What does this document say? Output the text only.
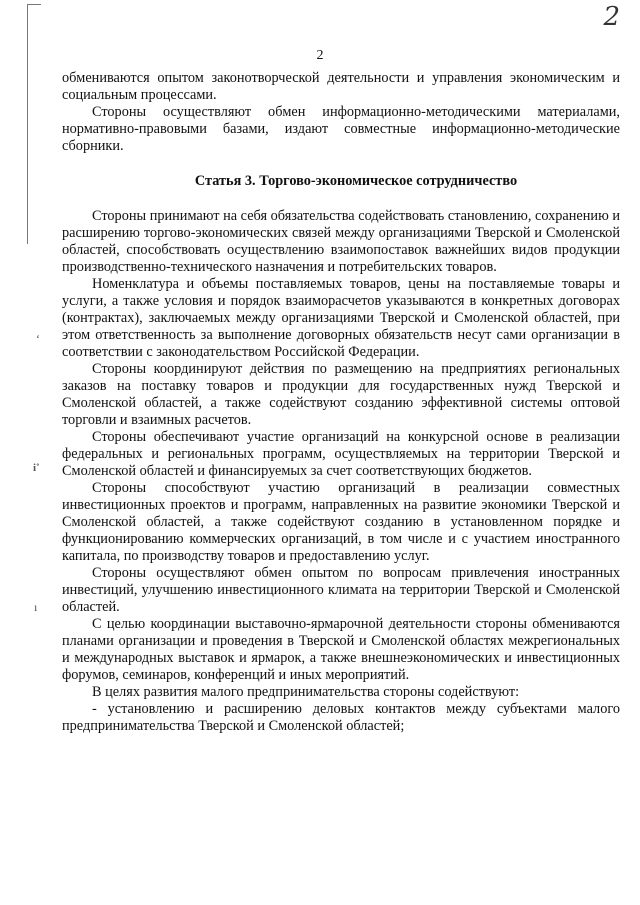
‘
і˚
ı
2
2

обмениваются опытом законотворческой деятельности и управления экономическим и социальным процессами.

Стороны осуществляют обмен информационно-методическими материалами, нормативно-правовыми базами, издают совместные информационно-методические сборники.

Статья 3. Торгово-экономическое сотрудничество

Стороны принимают на себя обязательства содействовать становлению, сохранению и расширению торгово-экономических связей между организациями Тверской и Смоленской областей, способствовать осуществлению взаимопоставок важнейших видов продукции производственно-технического назначения и потребительских товаров.

Номенклатура и объемы поставляемых товаров, цены на поставляемые товары и услуги, а также условия и порядок взаиморасчетов указываются в конкретных договорах (контрактах), заключаемых между организациями Тверской и Смоленской областей, при этом ответственность за выполнение договорных обязательств несут сами организации в соответствии с законодательством Российской Федерации.

Стороны координируют действия по размещению на предприятиях региональных заказов на поставку товаров и продукции для государственных нужд Тверской и Смоленской областей, а также содействуют созданию эффективной системы оптовой торговли и взаимных расчетов.

Стороны обеспечивают участие организаций на конкурсной основе в реализации федеральных и региональных программ, осуществляемых на территории Тверской и Смоленской областей и финансируемых за счет соответствующих бюджетов.

Стороны способствуют участию организаций в реализации совместных инвестиционных проектов и программ, направленных на развитие экономики Тверской и Смоленской областей, а также содействуют созданию в установленном порядке и функционированию коммерческих организаций, в том числе и с участием иностранного капитала, по производству товаров и предоставлению услуг.

Стороны осуществляют обмен опытом по вопросам привлечения иностранных инвестиций, улучшению инвестиционного климата на территории Тверской и Смоленской областей.

С целью координации выставочно-ярмарочной деятельности стороны обмениваются планами организации и проведения в Тверской и Смоленской областях межрегиональных и международных выставок и ярмарок, а также внешнеэкономических и инвестиционных форумов, семинаров, конференций и иных мероприятий.

В целях развития малого предпринимательства стороны содействуют:

- установлению и расширению деловых контактов между субъектами малого предпринимательства Тверской и Смоленской областей;
